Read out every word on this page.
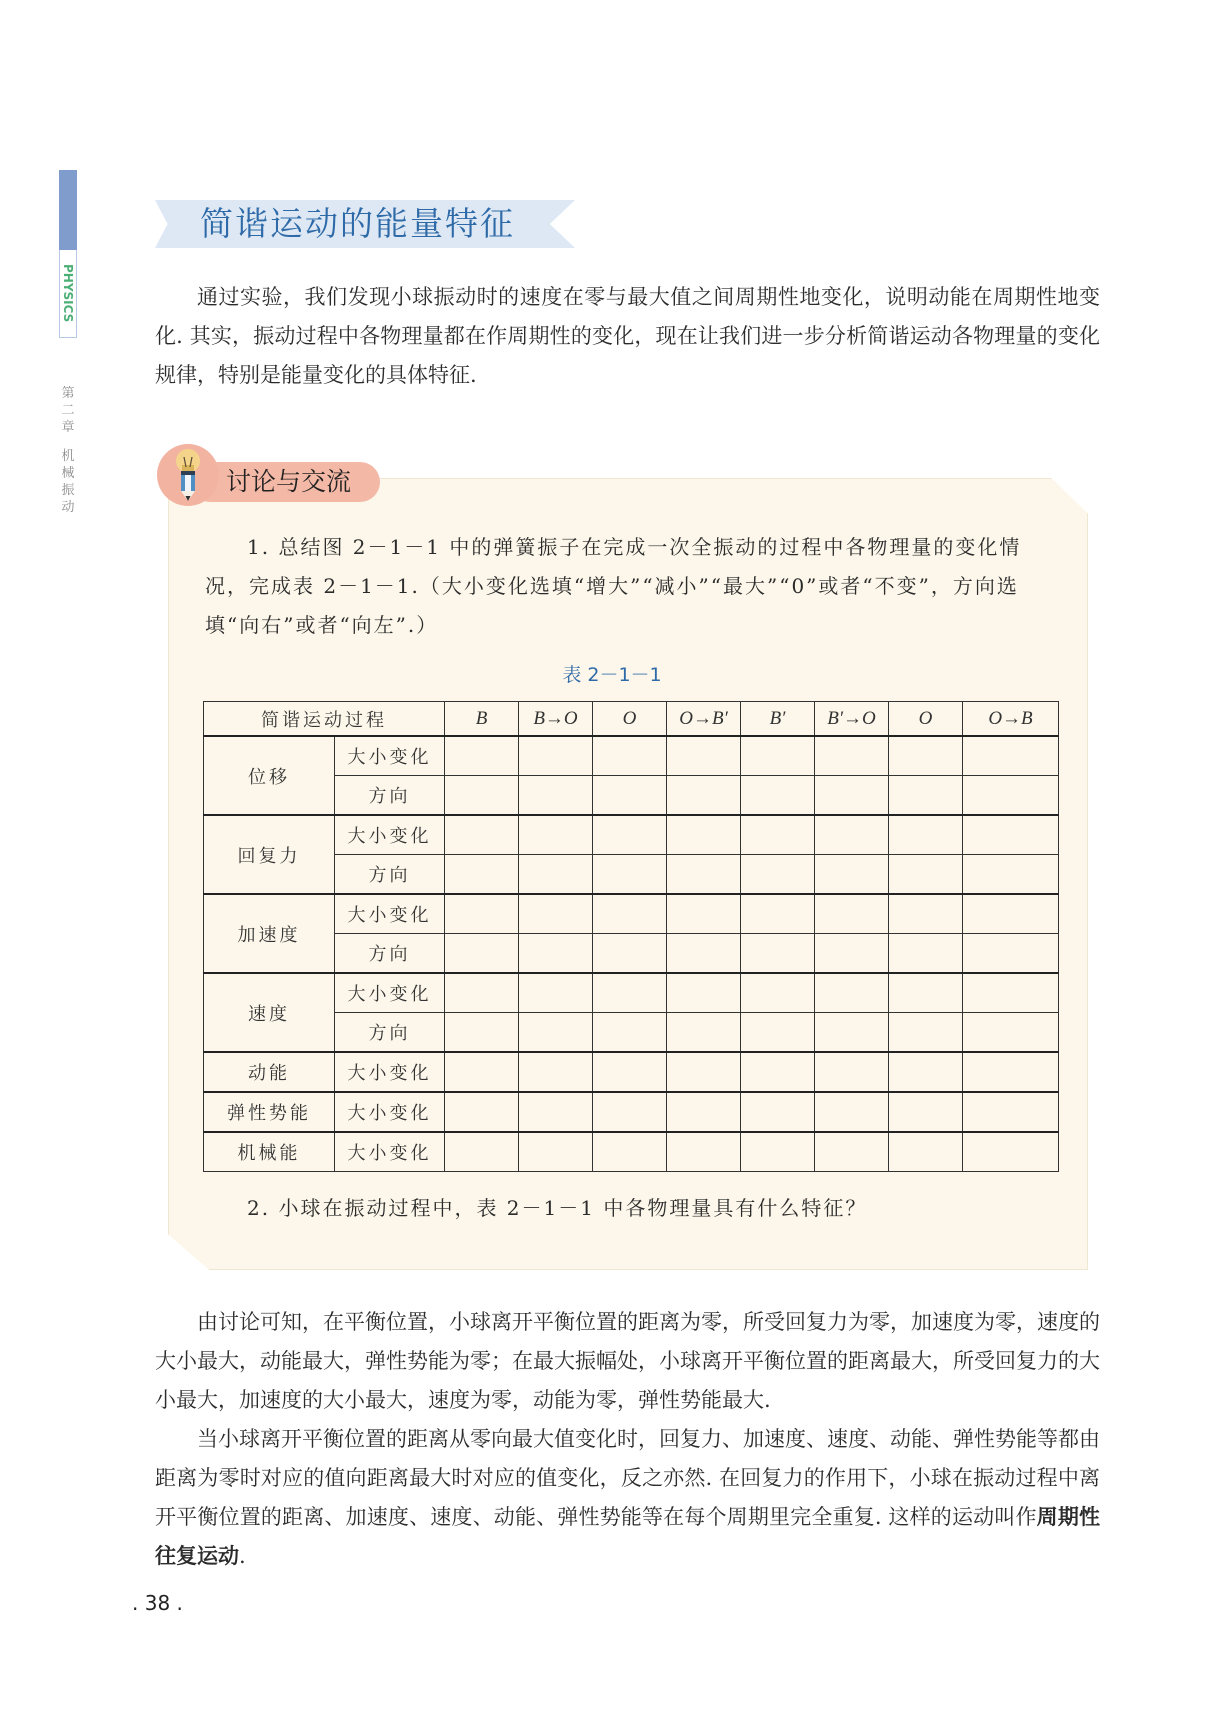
PHYSICS
第
二
章
机
械
振
动
简谐运动的能量特征

通过实验，我们发现小球振动时的速度在零与最大值之间周期性地变化，说明动能在周期性地变化. 其实，振动过程中各物理量都在作周期性的变化，现在让我们进一步分析简谐运动各物理量的变化规律，特别是能量变化的具体特征.

讨论与交流

1. 总结图 2－1－1 中的弹簧振子在完成一次全振动的过程中各物理量的变化情况，完成表 2－1－1.（大小变化选填“增大”“减小”“最大”“0”或者“不变”，方向选填“向右”或者“向左”.）

表 2－1－1
简谐运动过程		B	B→O	O	O→B′	B′	B′→O	O	O→B
位移	大小变化								
	方向								
回复力	大小变化								
	方向								
加速度	大小变化								
	方向								
速度	大小变化								
	方向								
动能	大小变化								
弹性势能	大小变化								
机械能	大小变化								

2. 小球在振动过程中，表 2－1－1 中各物理量具有什么特征？

由讨论可知，在平衡位置，小球离开平衡位置的距离为零，所受回复力为零，加速度为零，速度的大小最大，动能最大，弹性势能为零；在最大振幅处，小球离开平衡位置的距离最大，所受回复力的大小最大，加速度的大小最大，速度为零，动能为零，弹性势能最大.

当小球离开平衡位置的距离从零向最大值变化时，回复力、加速度、速度、动能、弹性势能等都由距离为零时对应的值向距离最大时对应的值变化，反之亦然. 在回复力的作用下，小球在振动过程中离开平衡位置的距离、加速度、速度、动能、弹性势能等在每个周期里完全重复. 这样的运动叫作周期性往复运动.

. 38 .
